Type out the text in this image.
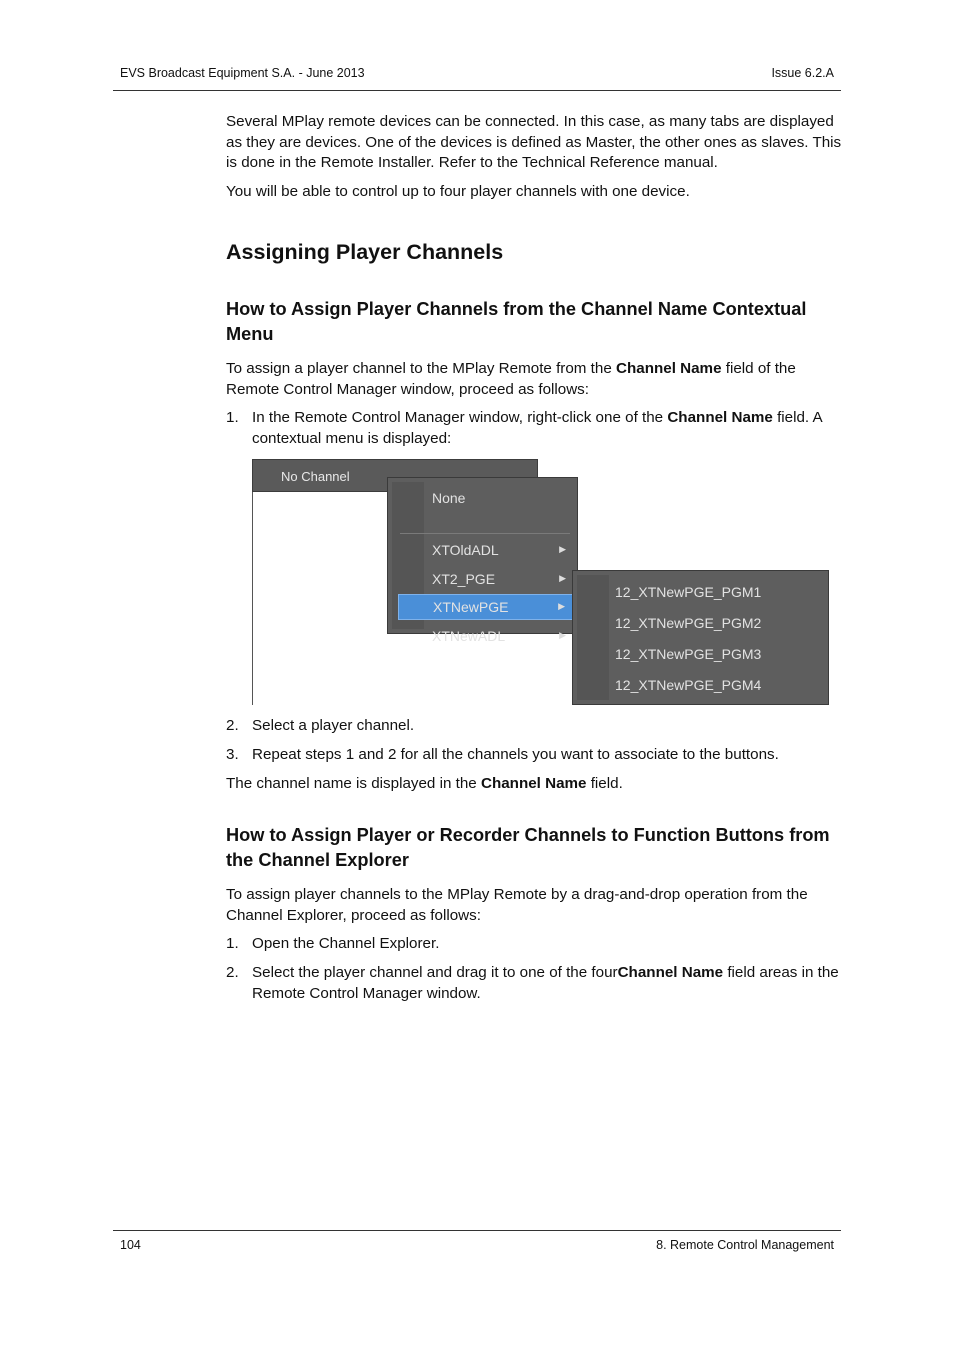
EVS Broadcast Equipment S.A. - June 2013	Issue 6.2.A

Several MPlay remote devices can be connected. In this case, as many tabs are displayed as they are devices. One of the devices is defined as Master, the other ones as slaves. This is done in the Remote Installer. Refer to the Technical Reference manual.

You will be able to control up to four player channels with one device.

Assigning Player Channels
How to Assign Player Channels from the Channel Name Contextual Menu

To assign a player channel to the MPlay Remote from the Channel Name field of the Remote Control Manager window, proceed as follows:

1. In the Remote Control Manager window, right-click one of the Channel Name field. A contextual menu is displayed:
No Channel
None
XTOldADL	▶
XT2_PGE	▶
XTNewPGE	▶
XTNewADL	▶
12_XTNewPGE_PGM1
12_XTNewPGE_PGM2
12_XTNewPGE_PGM3
12_XTNewPGE_PGM4
2. Select a player channel.
3. Repeat steps 1 and 2 for all the channels you want to associate to the buttons.

The channel name is displayed in the Channel Name field.

How to Assign Player or Recorder Channels to Function Buttons from the Channel Explorer

To assign player channels to the MPlay Remote by a drag-and-drop operation from the Channel Explorer, proceed as follows:

1. Open the Channel Explorer.
2. Select the player channel and drag it to one of the fourChannel Name field areas in the Remote Control Manager window.
104	8. Remote Control Management
